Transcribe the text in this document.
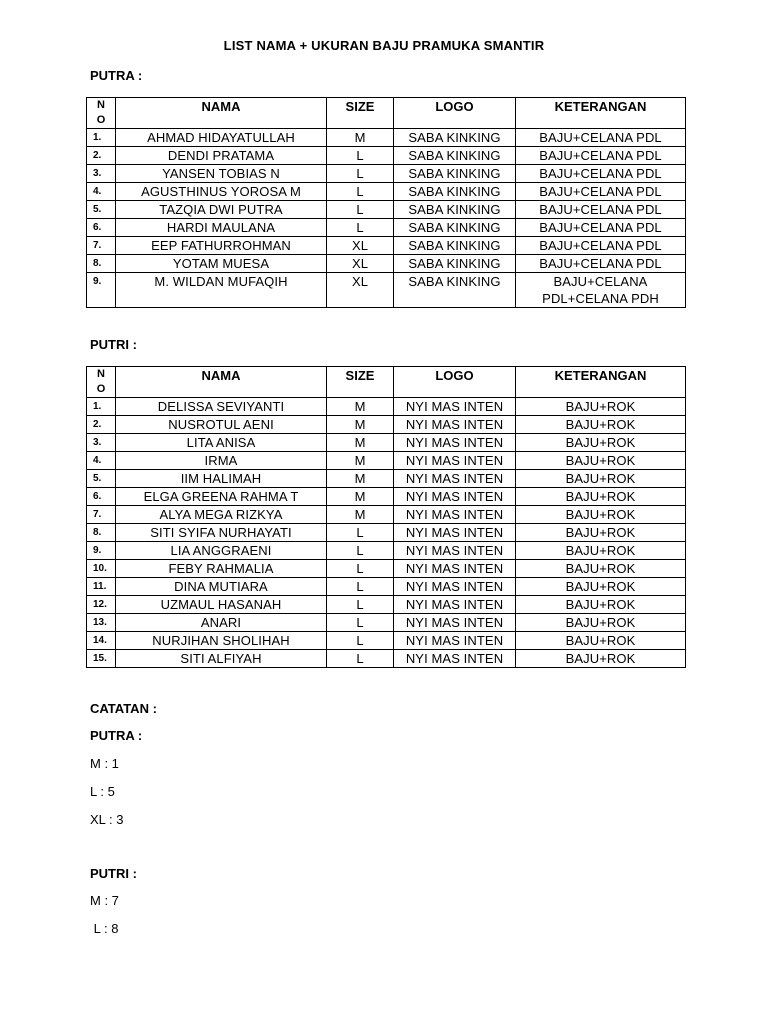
LIST NAMA + UKURAN BAJU PRAMUKA SMANTIR
PUTRA :
N
O	NAMA	SIZE	LOGO	KETERANGAN
1.	AHMAD HIDAYATULLAH	M	SABA KINKING	BAJU+CELANA PDL
2.	DENDI PRATAMA	L	SABA KINKING	BAJU+CELANA PDL
3.	YANSEN TOBIAS N	L	SABA KINKING	BAJU+CELANA PDL
4.	AGUSTHINUS YOROSA M	L	SABA KINKING	BAJU+CELANA PDL
5.	TAZQIA DWI PUTRA	L	SABA KINKING	BAJU+CELANA PDL
6.	HARDI MAULANA	L	SABA KINKING	BAJU+CELANA PDL
7.	EEP FATHURROHMAN	XL	SABA KINKING	BAJU+CELANA PDL
8.	YOTAM MUESA	XL	SABA KINKING	BAJU+CELANA PDL
9.	M. WILDAN MUFAQIH	XL	SABA KINKING	BAJU+CELANA PDL+CELANA PDH
PUTRI :
N
O	NAMA	SIZE	LOGO	KETERANGAN
1.	DELISSA SEVIYANTI	M	NYI MAS INTEN	BAJU+ROK
2.	NUSROTUL AENI	M	NYI MAS INTEN	BAJU+ROK
3.	LITA ANISA	M	NYI MAS INTEN	BAJU+ROK
4.	IRMA	M	NYI MAS INTEN	BAJU+ROK
5.	IIM HALIMAH	M	NYI MAS INTEN	BAJU+ROK
6.	ELGA GREENA RAHMA T	M	NYI MAS INTEN	BAJU+ROK
7.	ALYA MEGA RIZKYA	M	NYI MAS INTEN	BAJU+ROK
8.	SITI SYIFA NURHAYATI	L	NYI MAS INTEN	BAJU+ROK
9.	LIA ANGGRAENI	L	NYI MAS INTEN	BAJU+ROK
10.	FEBY RAHMALIA	L	NYI MAS INTEN	BAJU+ROK
11.	DINA MUTIARA	L	NYI MAS INTEN	BAJU+ROK
12.	UZMAUL HASANAH	L	NYI MAS INTEN	BAJU+ROK
13.	ANARI	L	NYI MAS INTEN	BAJU+ROK
14.	NURJIHAN SHOLIHAH	L	NYI MAS INTEN	BAJU+ROK
15.	SITI ALFIYAH	L	NYI MAS INTEN	BAJU+ROK
CATATAN :
PUTRA :
M : 1
L : 5
XL : 3
PUTRI :
M : 7
L : 8
